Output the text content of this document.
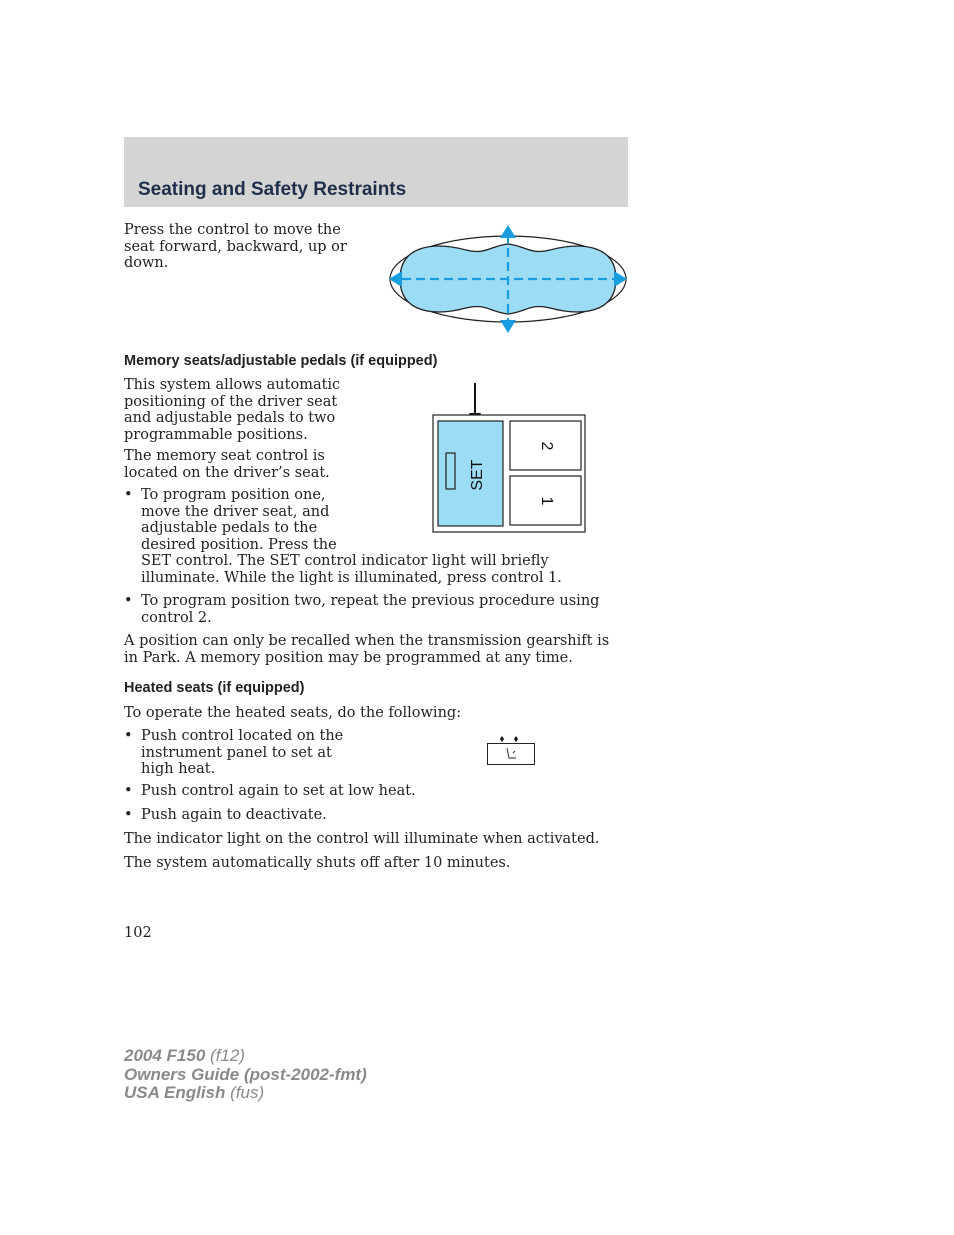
Seating and Safety Restraints
Press the control to move the seat forward, backward, up or down.
Memory seats/adjustable pedals (if equipped)
This system allows automatic positioning of the driver seat and adjustable pedals to two programmable positions.
The memory seat control is located on the driver’s seat.	SET
2
1
• To program position one, move the driver seat, and adjustable pedals to the desired position. Press the SET control. The SET control indicator light will briefly illuminate. While the light is illuminated, press control 1.
• To program position two, repeat the previous procedure using control 2.
A position can only be recalled when the transmission gearshift is in Park. A memory position may be programmed at any time.
Heated seats (if equipped)
To operate the heated seats, do the following:
• Push control located on the instrument panel to set at high heat.
• Push control again to set at low heat.
• Push again to deactivate.
The indicator light on the control will illuminate when activated.
The system automatically shuts off after 10 minutes.
102
2004 F150 (f12)
Owners Guide (post-2002-fmt)
USA English (fus)
